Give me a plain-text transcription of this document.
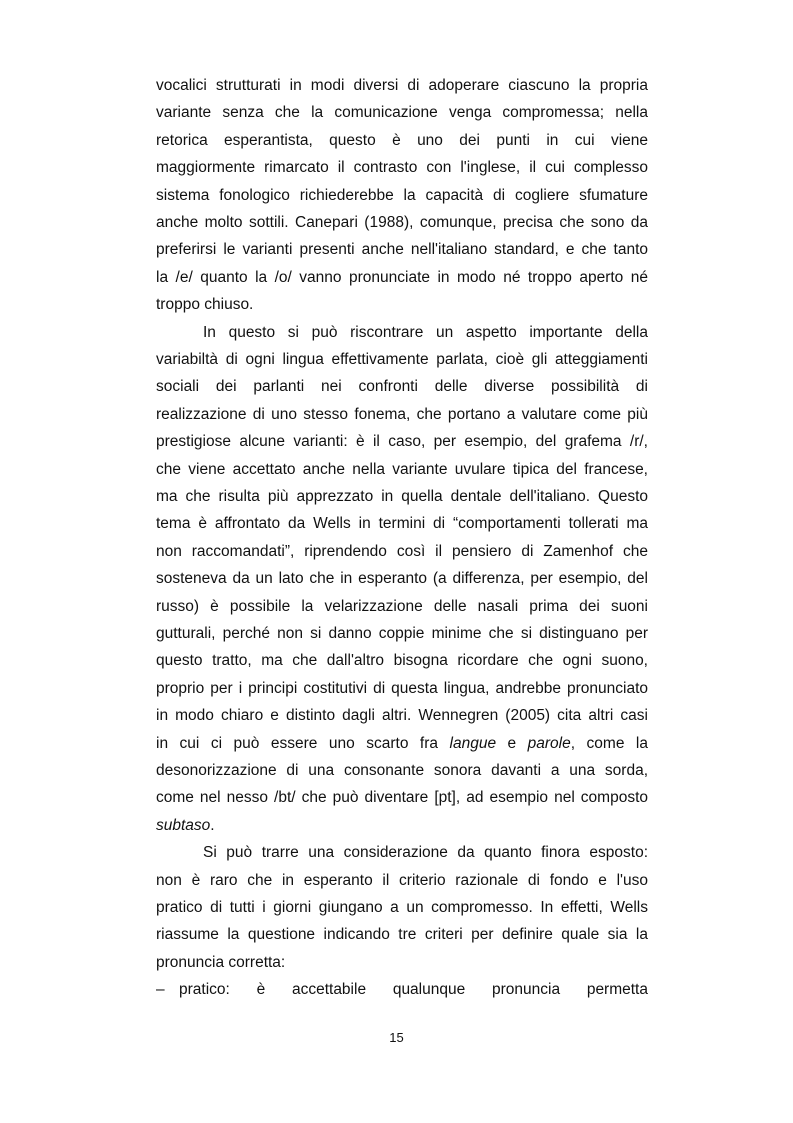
vocalici strutturati in modi diversi di adoperare ciascuno la propria
variante senza che la comunicazione venga compromessa; nella
retorica esperantista, questo è uno dei punti in cui viene
maggiormente rimarcato il contrasto con l'inglese, il cui complesso
sistema fonologico richiederebbe la capacità di cogliere sfumature
anche molto sottili. Canepari (1988), comunque, precisa che sono da
preferirsi le varianti presenti anche nell'italiano standard, e che tanto
la /e/ quanto la /o/ vanno pronunciate in modo né troppo aperto né
troppo chiuso.
In questo si può riscontrare un aspetto importante della
variabiltà di ogni lingua effettivamente parlata, cioè gli atteggiamenti
sociali dei parlanti nei confronti delle diverse possibilità di
realizzazione di uno stesso fonema, che portano a valutare come più
prestigiose alcune varianti: è il caso, per esempio, del grafema /r/,
che viene accettato anche nella variante uvulare tipica del francese,
ma che risulta più apprezzato in quella dentale dell'italiano. Questo
tema è affrontato da Wells in termini di “comportamenti tollerati ma
non raccomandati”, riprendendo così il pensiero di Zamenhof che
sosteneva da un lato che in esperanto (a differenza, per esempio, del
russo) è possibile la velarizzazione delle nasali prima dei suoni
gutturali, perché non si danno coppie minime che si distinguano per
questo tratto, ma che dall'altro bisogna ricordare che ogni suono,
proprio per i principi costitutivi di questa lingua, andrebbe pronunciato
in modo chiaro e distinto dagli altri. Wennegren (2005) cita altri casi
in cui ci può essere uno scarto fra langue e parole, come la
desonorizzazione di una consonante sonora davanti a una sorda,
come nel nesso /bt/ che può diventare [pt], ad esempio nel composto
subtaso.
Si può trarre una considerazione da quanto finora esposto:
non è raro che in esperanto il criterio razionale di fondo e l'uso
pratico di tutti i giorni giungano a un compromesso. In effetti, Wells
riassume la questione indicando tre criteri per definire quale sia la
pronuncia corretta:
– pratico: è accettabile qualunque pronuncia permetta
15
